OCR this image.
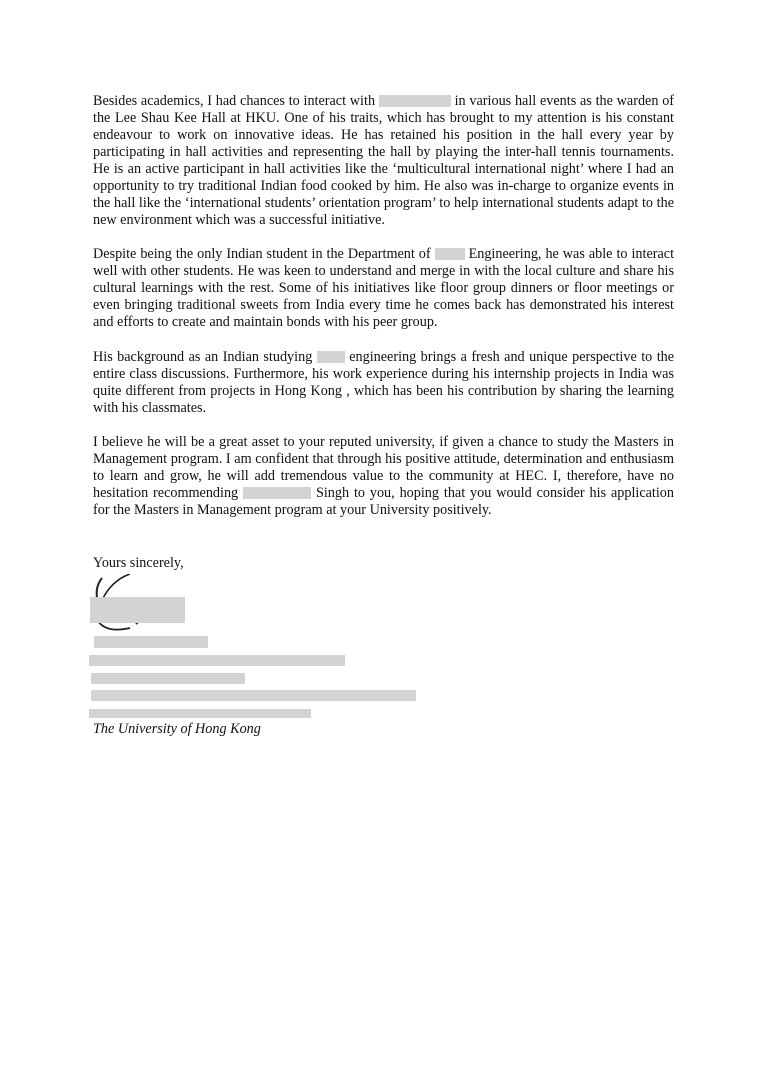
Besides academics, I had chances to interact with	in various hall events as the warden of the Lee Shau Kee Hall at HKU. One of his traits, which has brought to my attention is his constant endeavour to work on innovative ideas. He has retained his position in the hall every year by participating in hall activities and representing the hall by playing the inter-hall tennis tournaments. He is an active participant in hall activities like the ‘multicultural international night’ where I had an opportunity to try traditional Indian food cooked by him. He also was in-charge to organize events in the hall like the ‘international students’ orientation program’ to help international students adapt to the new environment which was a successful initiative.

Despite being the only Indian student in the Department of	Engineering, he was able to interact well with other students. He was keen to understand and merge in with the local culture and share his cultural learnings with the rest. Some of his initiatives like floor group dinners or floor meetings or even bringing traditional sweets from India every time he comes back has demonstrated his interest and efforts to create and maintain bonds with his peer group.

His background as an Indian studying	engineering brings a fresh and unique perspective to the entire class discussions. Furthermore, his work experience during his internship projects in India was quite different from projects in Hong Kong , which has been his contribution by sharing the learning with his classmates.

I believe he will be a great asset to your reputed university, if given a chance to study the Masters in Management program. I am confident that through his positive attitude, determination and enthusiasm to learn and grow, he will add tremendous value to the community at HEC. I, therefore, have no hesitation recommending	Singh to you, hoping that you would consider his application for the Masters in Management program at your University positively.

Yours sincerely,
The University of Hong Kong
